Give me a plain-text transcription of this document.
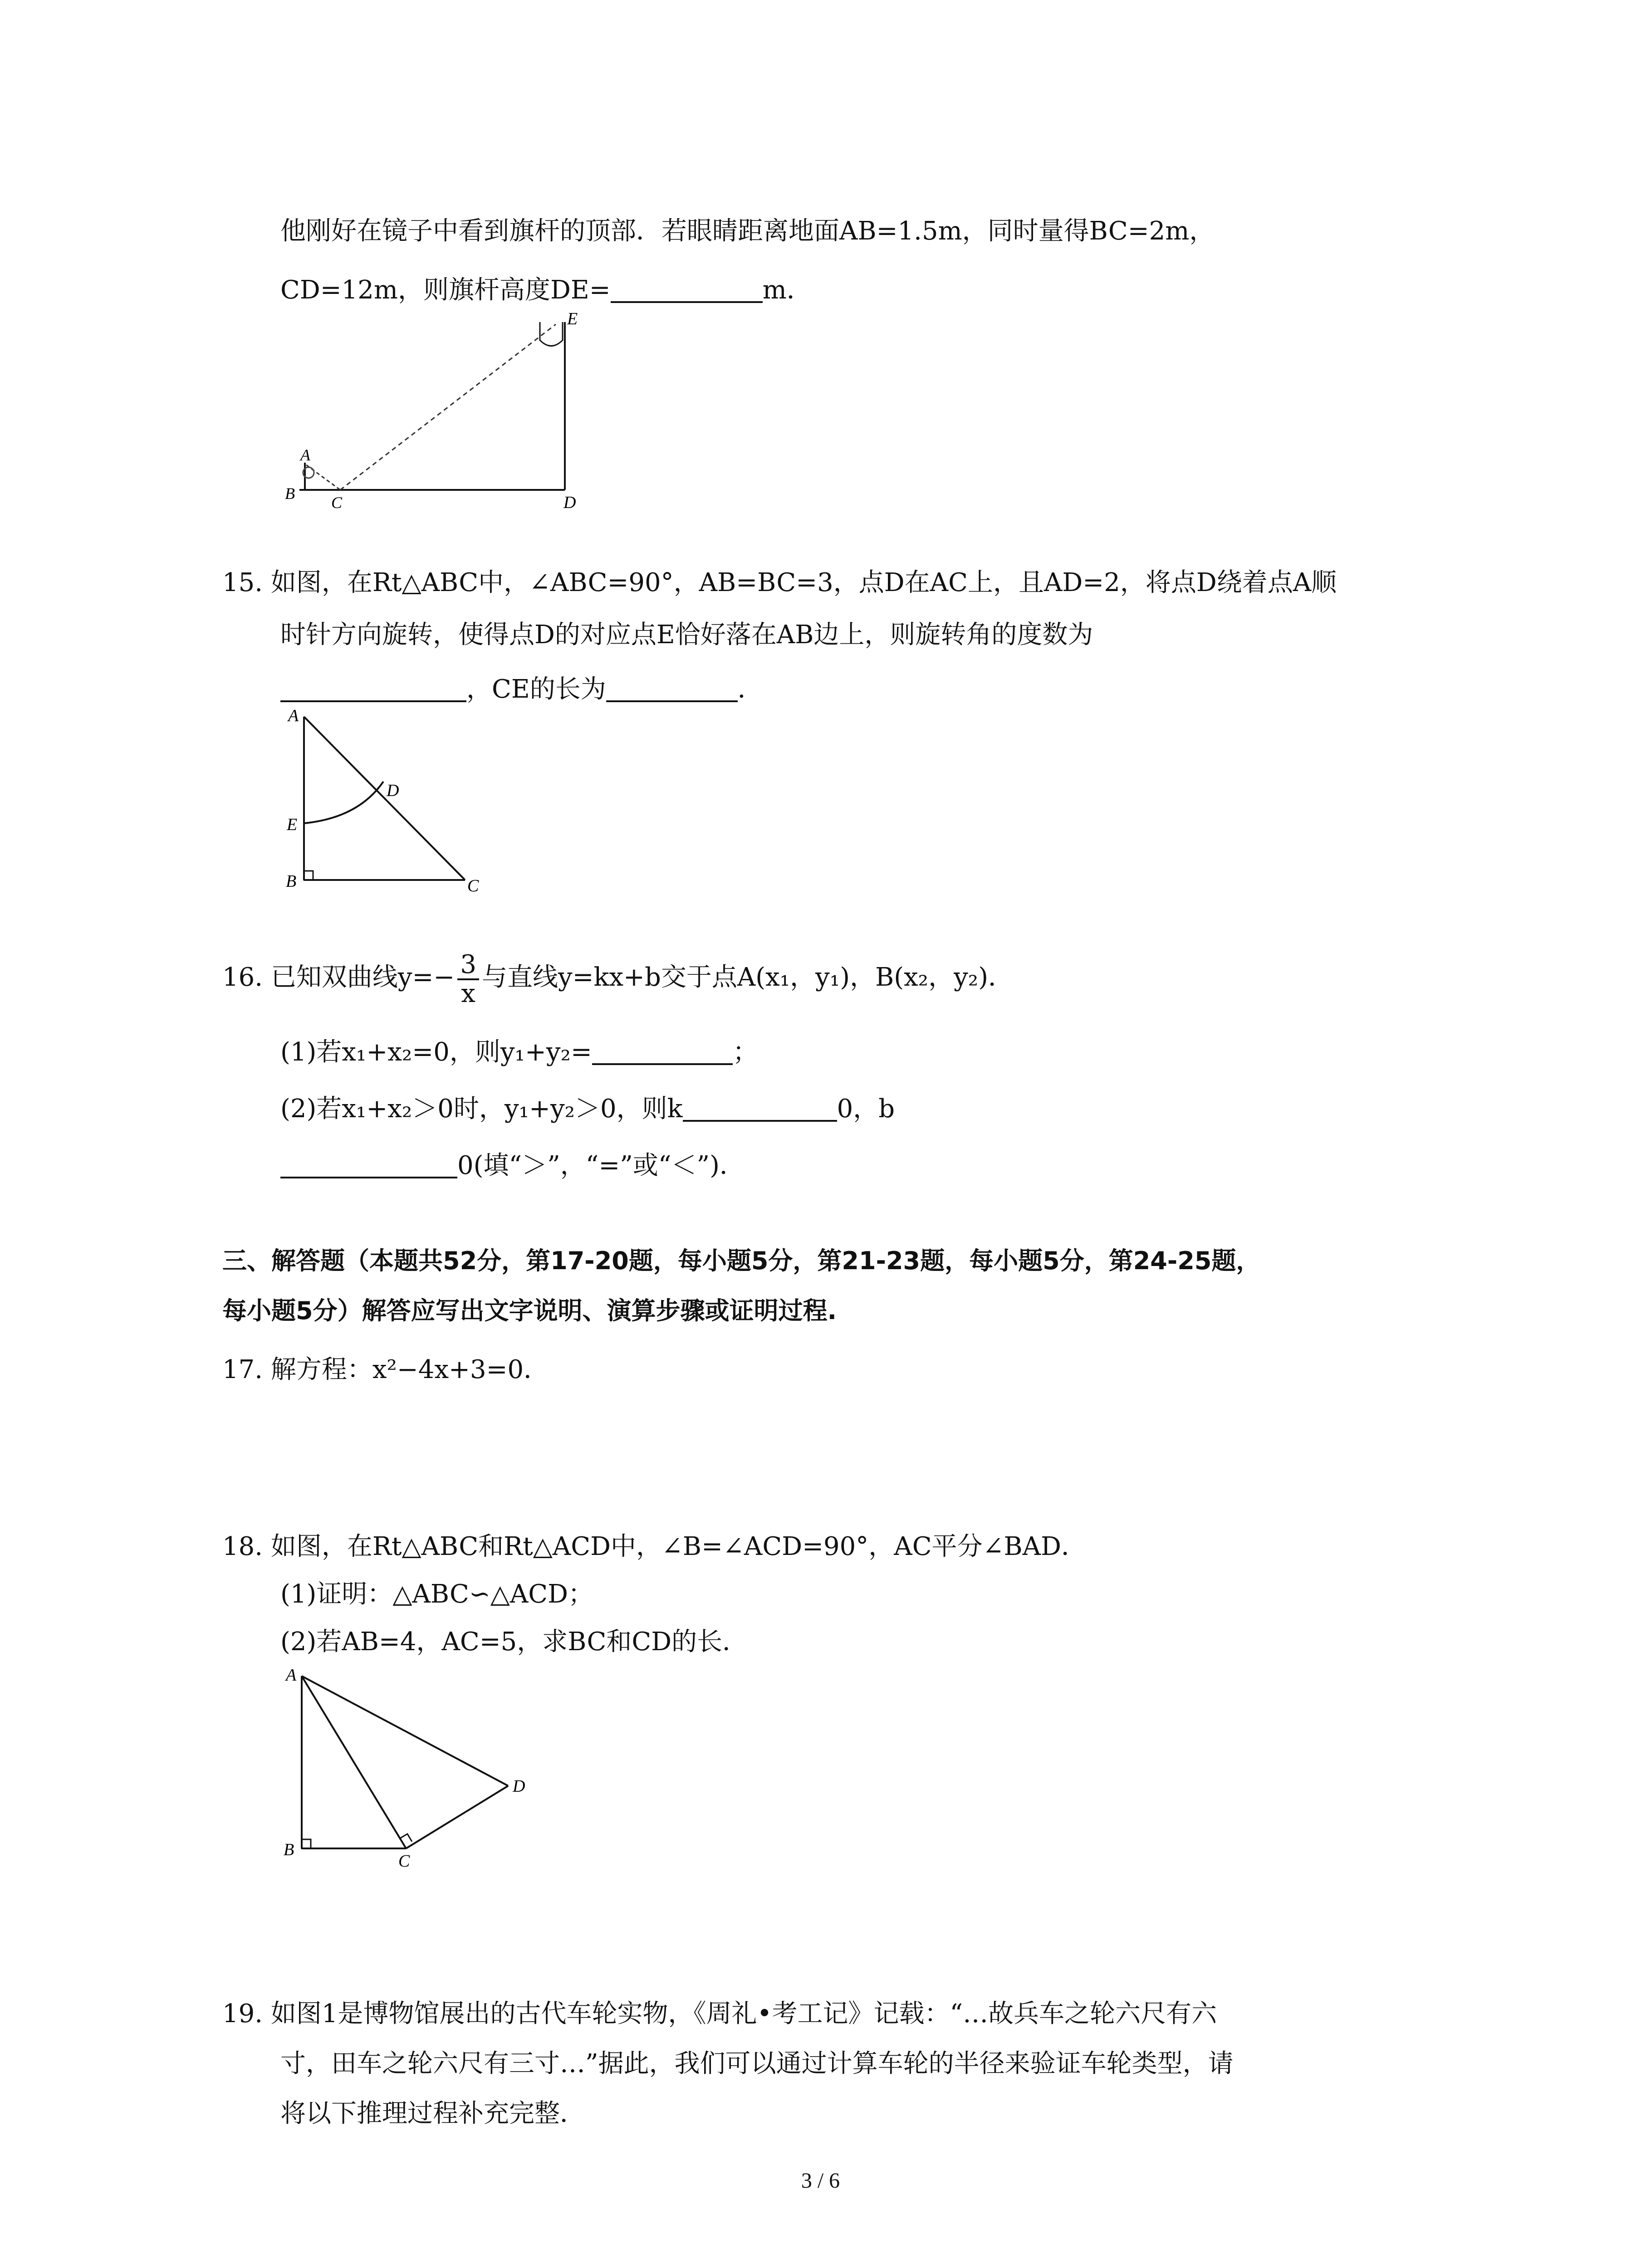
他刚好在镜子中看到旗杆的顶部．若眼睛距离地面AB=1.5m，同时量得BC=2m，
CD=12m，则旗杆高度DE=	m．
E
A
B C	D
15. 如图，在Rt△ABC中，∠ABC=90°，AB=BC=3，点D在AC上，且AD=2，将点D绕着点A顺
时针方向旋转，使得点D的对应点E恰好落在AB边上，则旋转角的度数为
，CE的长为	．
A
D
E
B	C
16. 已知双曲线$y=- \frac{3}{x}$ 与直线y=kx+b交于点A(x₁，y₁)，B(x₂，y₂)．
(1)若x₁+x₂=0，则y₁+y₂=	；
(2)若x₁+x₂＞0时，y₁+y₂＞0，则k	0，b
0(填“＞”，“=”或“＜”)．
三、解答题（本题共52分，第17-20题，每小题5分，第21-23题，每小题5分，第24-25题，
每小题5分）解答应写出文字说明、演算步骤或证明过程.
17. 解方程：x²−4x+3=0．
18. 如图，在Rt△ABC和Rt△ACD中，∠B=∠ACD=90°，AC平分∠BAD．
(1)证明：△ABC∽△ACD；
(2)若AB=4，AC=5，求BC和CD的长．
A
B
C
D
19. 如图1是博物馆展出的古代车轮实物，《周礼•考工记》记载：“…故兵车之轮六尺有六
寸，田车之轮六尺有三寸…”据此，我们可以通过计算车轮的半径来验证车轮类型，请
将以下推理过程补充完整．
3 / 6
